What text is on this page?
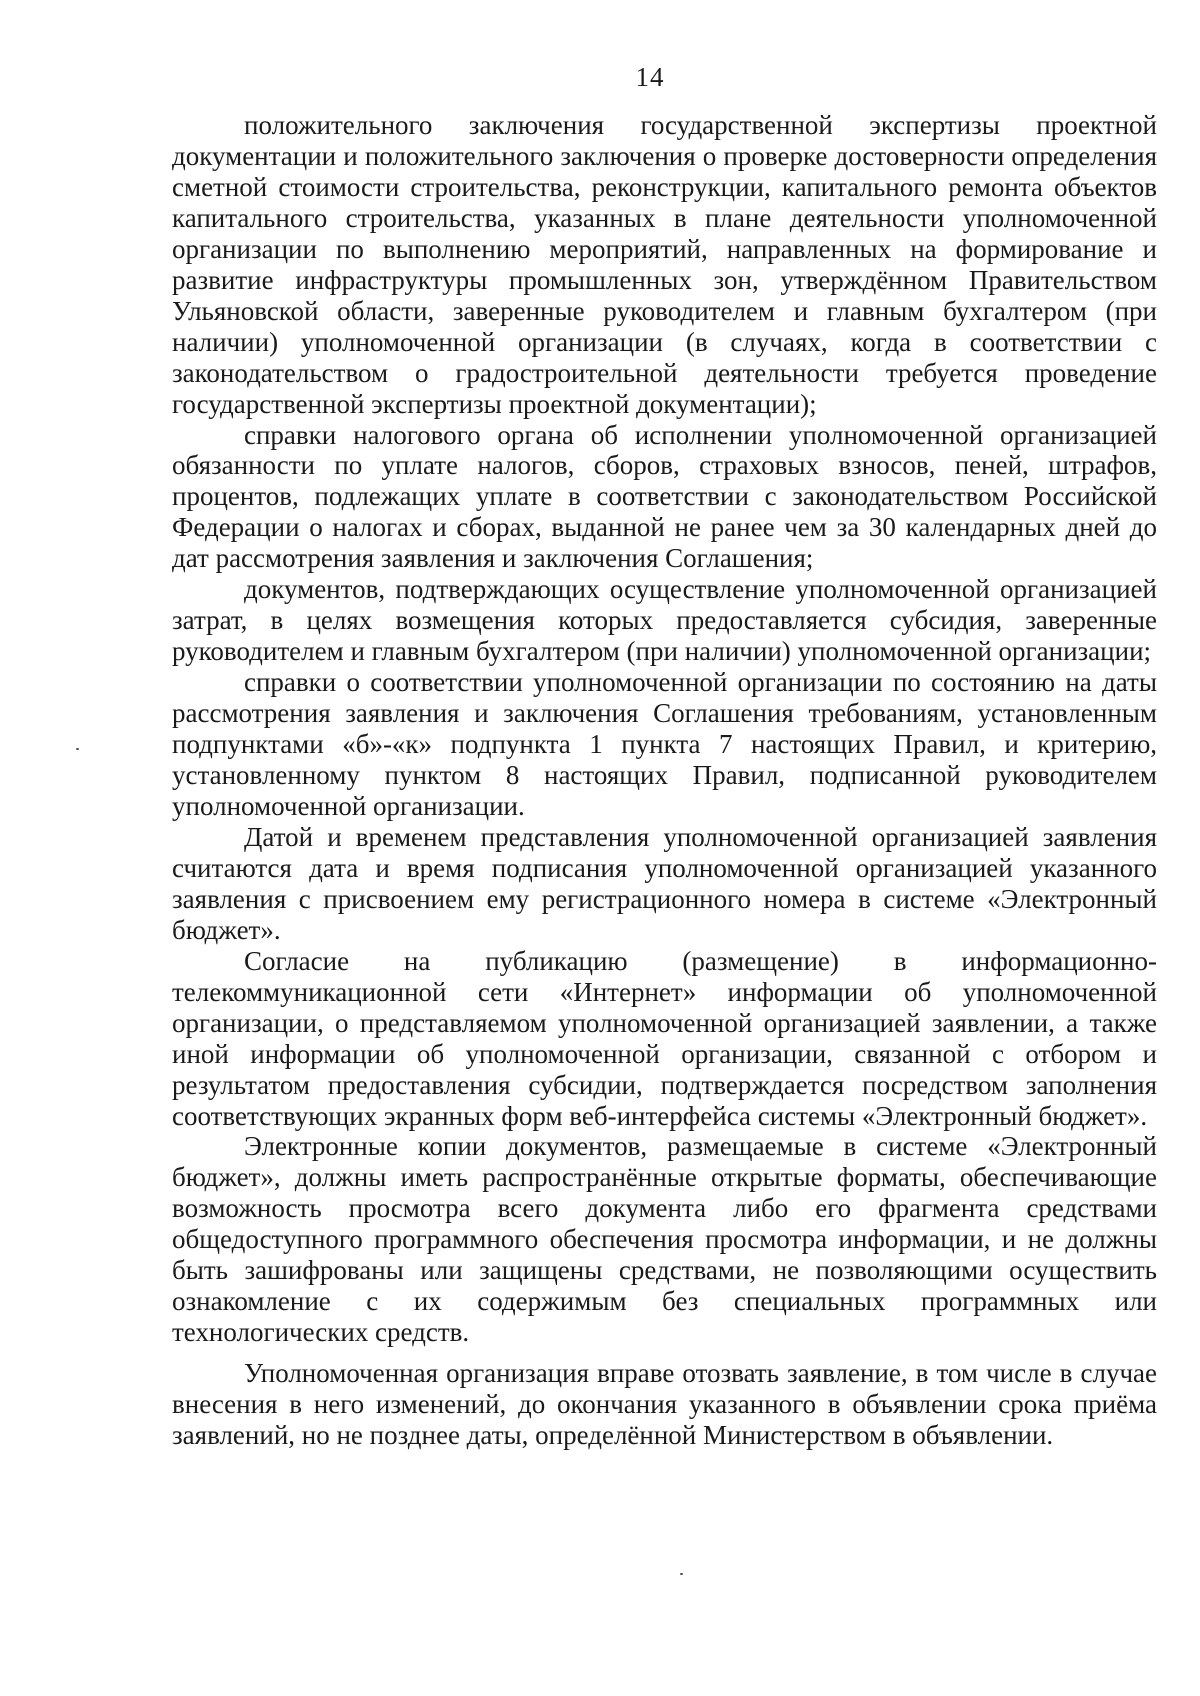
14

положительного заключения государственной экспертизы проектной документации и положительного заключения о проверке достоверности определения сметной стоимости строительства, реконструкции, капитального ремонта объектов капитального строительства, указанных в плане деятельности уполномоченной организации по выполнению мероприятий, направленных на формирование и развитие инфраструктуры промышленных зон, утверждённом Правительством Ульяновской области, заверенные руководителем и главным бухгалтером (при наличии) уполномоченной организации (в случаях, когда в соответствии с законодательством о градостроительной деятельности требуется проведение государственной экспертизы проектной документации);

справки налогового органа об исполнении уполномоченной организацией обязанности по уплате налогов, сборов, страховых взносов, пеней, штрафов, процентов, подлежащих уплате в соответствии с законодательством Российской Федерации о налогах и сборах, выданной не ранее чем за 30 календарных дней до дат рассмотрения заявления и заключения Соглашения;

документов, подтверждающих осуществление уполномоченной организацией затрат, в целях возмещения которых предоставляется субсидия, заверенные руководителем и главным бухгалтером (при наличии) уполномоченной организации;

справки о соответствии уполномоченной организации по состоянию на даты рассмотрения заявления и заключения Соглашения требованиям, установленным подпунктами «б»-«к» подпункта 1 пункта 7 настоящих Правил, и критерию, установленному пунктом 8 настоящих Правил, подписанной руководителем уполномоченной организации.

Датой и временем представления уполномоченной организацией заявления считаются дата и время подписания уполномоченной организацией указанного заявления с присвоением ему регистрационного номера в системе «Электронный бюджет».

Согласие на публикацию (размещение) в информационно-телекоммуникационной сети «Интернет» информации об уполномоченной организации, о представляемом уполномоченной организацией заявлении, а также иной информации об уполномоченной организации, связанной с отбором и результатом предоставления субсидии, подтверждается посредством заполнения соответствующих экранных форм веб-интерфейса системы «Электронный бюджет».

Электронные копии документов, размещаемые в системе «Электронный бюджет», должны иметь распространённые открытые форматы, обеспечивающие возможность просмотра всего документа либо его фрагмента средствами общедоступного программного обеспечения просмотра информации, и не должны быть зашифрованы или защищены средствами, не позволяющими осуществить ознакомление с их содержимым без специальных программных или технологических средств.

Уполномоченная организация вправе отозвать заявление, в том числе в случае внесения в него изменений, до окончания указанного в объявлении срока приёма заявлений, но не позднее даты, определённой Министерством в объявлении.
